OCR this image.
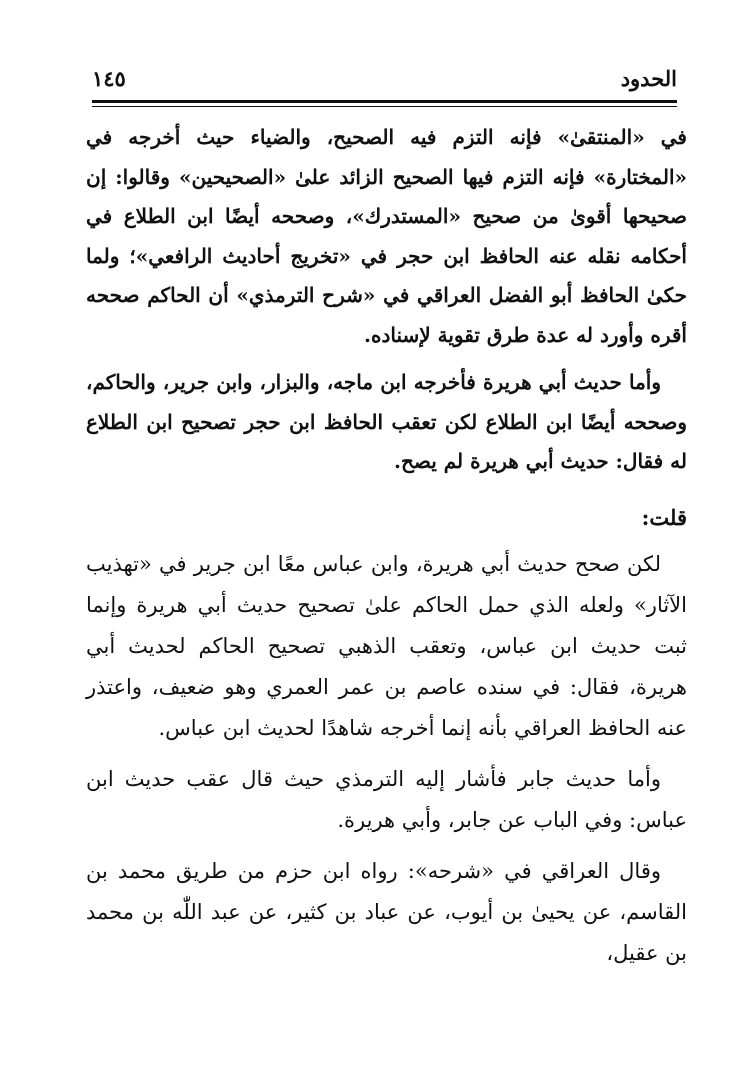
الحدود
١٤٥

في «المنتقىٰ» فإنه التزم فيه الصحيح، والضياء حيث أخرجه في «المختارة» فإنه التزم فيها الصحيح الزائد علىٰ «الصحيحين» وقالوا: إن صحيحها أقوىٰ من صحيح «المستدرك»، وصححه أيضًا ابن الطلاع في أحكامه نقله عنه الحافظ ابن حجر في «تخريج أحاديث الرافعي»؛ ولما حكىٰ الحافظ أبو الفضل العراقي في «شرح الترمذي» أن الحاكم صححه أقره وأورد له عدة طرق تقوية لإسناده.

وأما حديث أبي هريرة فأخرجه ابن ماجه، والبزار، وابن جرير، والحاكم، وصححه أيضًا ابن الطلاع لكن تعقب الحافظ ابن حجر تصحيح ابن الطلاع له فقال: حديث أبي هريرة لم يصح.

قلت:

لكن صحح حديث أبي هريرة، وابن عباس معًا ابن جرير في «تهذيب الآثار» ولعله الذي حمل الحاكم علىٰ تصحيح حديث أبي هريرة وإنما ثبت حديث ابن عباس، وتعقب الذهبي تصحيح الحاكم لحديث أبي هريرة، فقال: في سنده عاصم بن عمر العمري وهو ضعيف، واعتذر عنه الحافظ العراقي بأنه إنما أخرجه شاهدًا لحديث ابن عباس.

وأما حديث جابر فأشار إليه الترمذي حيث قال عقب حديث ابن عباس: وفي الباب عن جابر، وأبي هريرة.

وقال العراقي في «شرحه»: رواه ابن حزم من طريق محمد بن القاسم، عن يحيىٰ بن أيوب، عن عباد بن كثير، عن عبد اللّٰه بن محمد بن عقيل،
